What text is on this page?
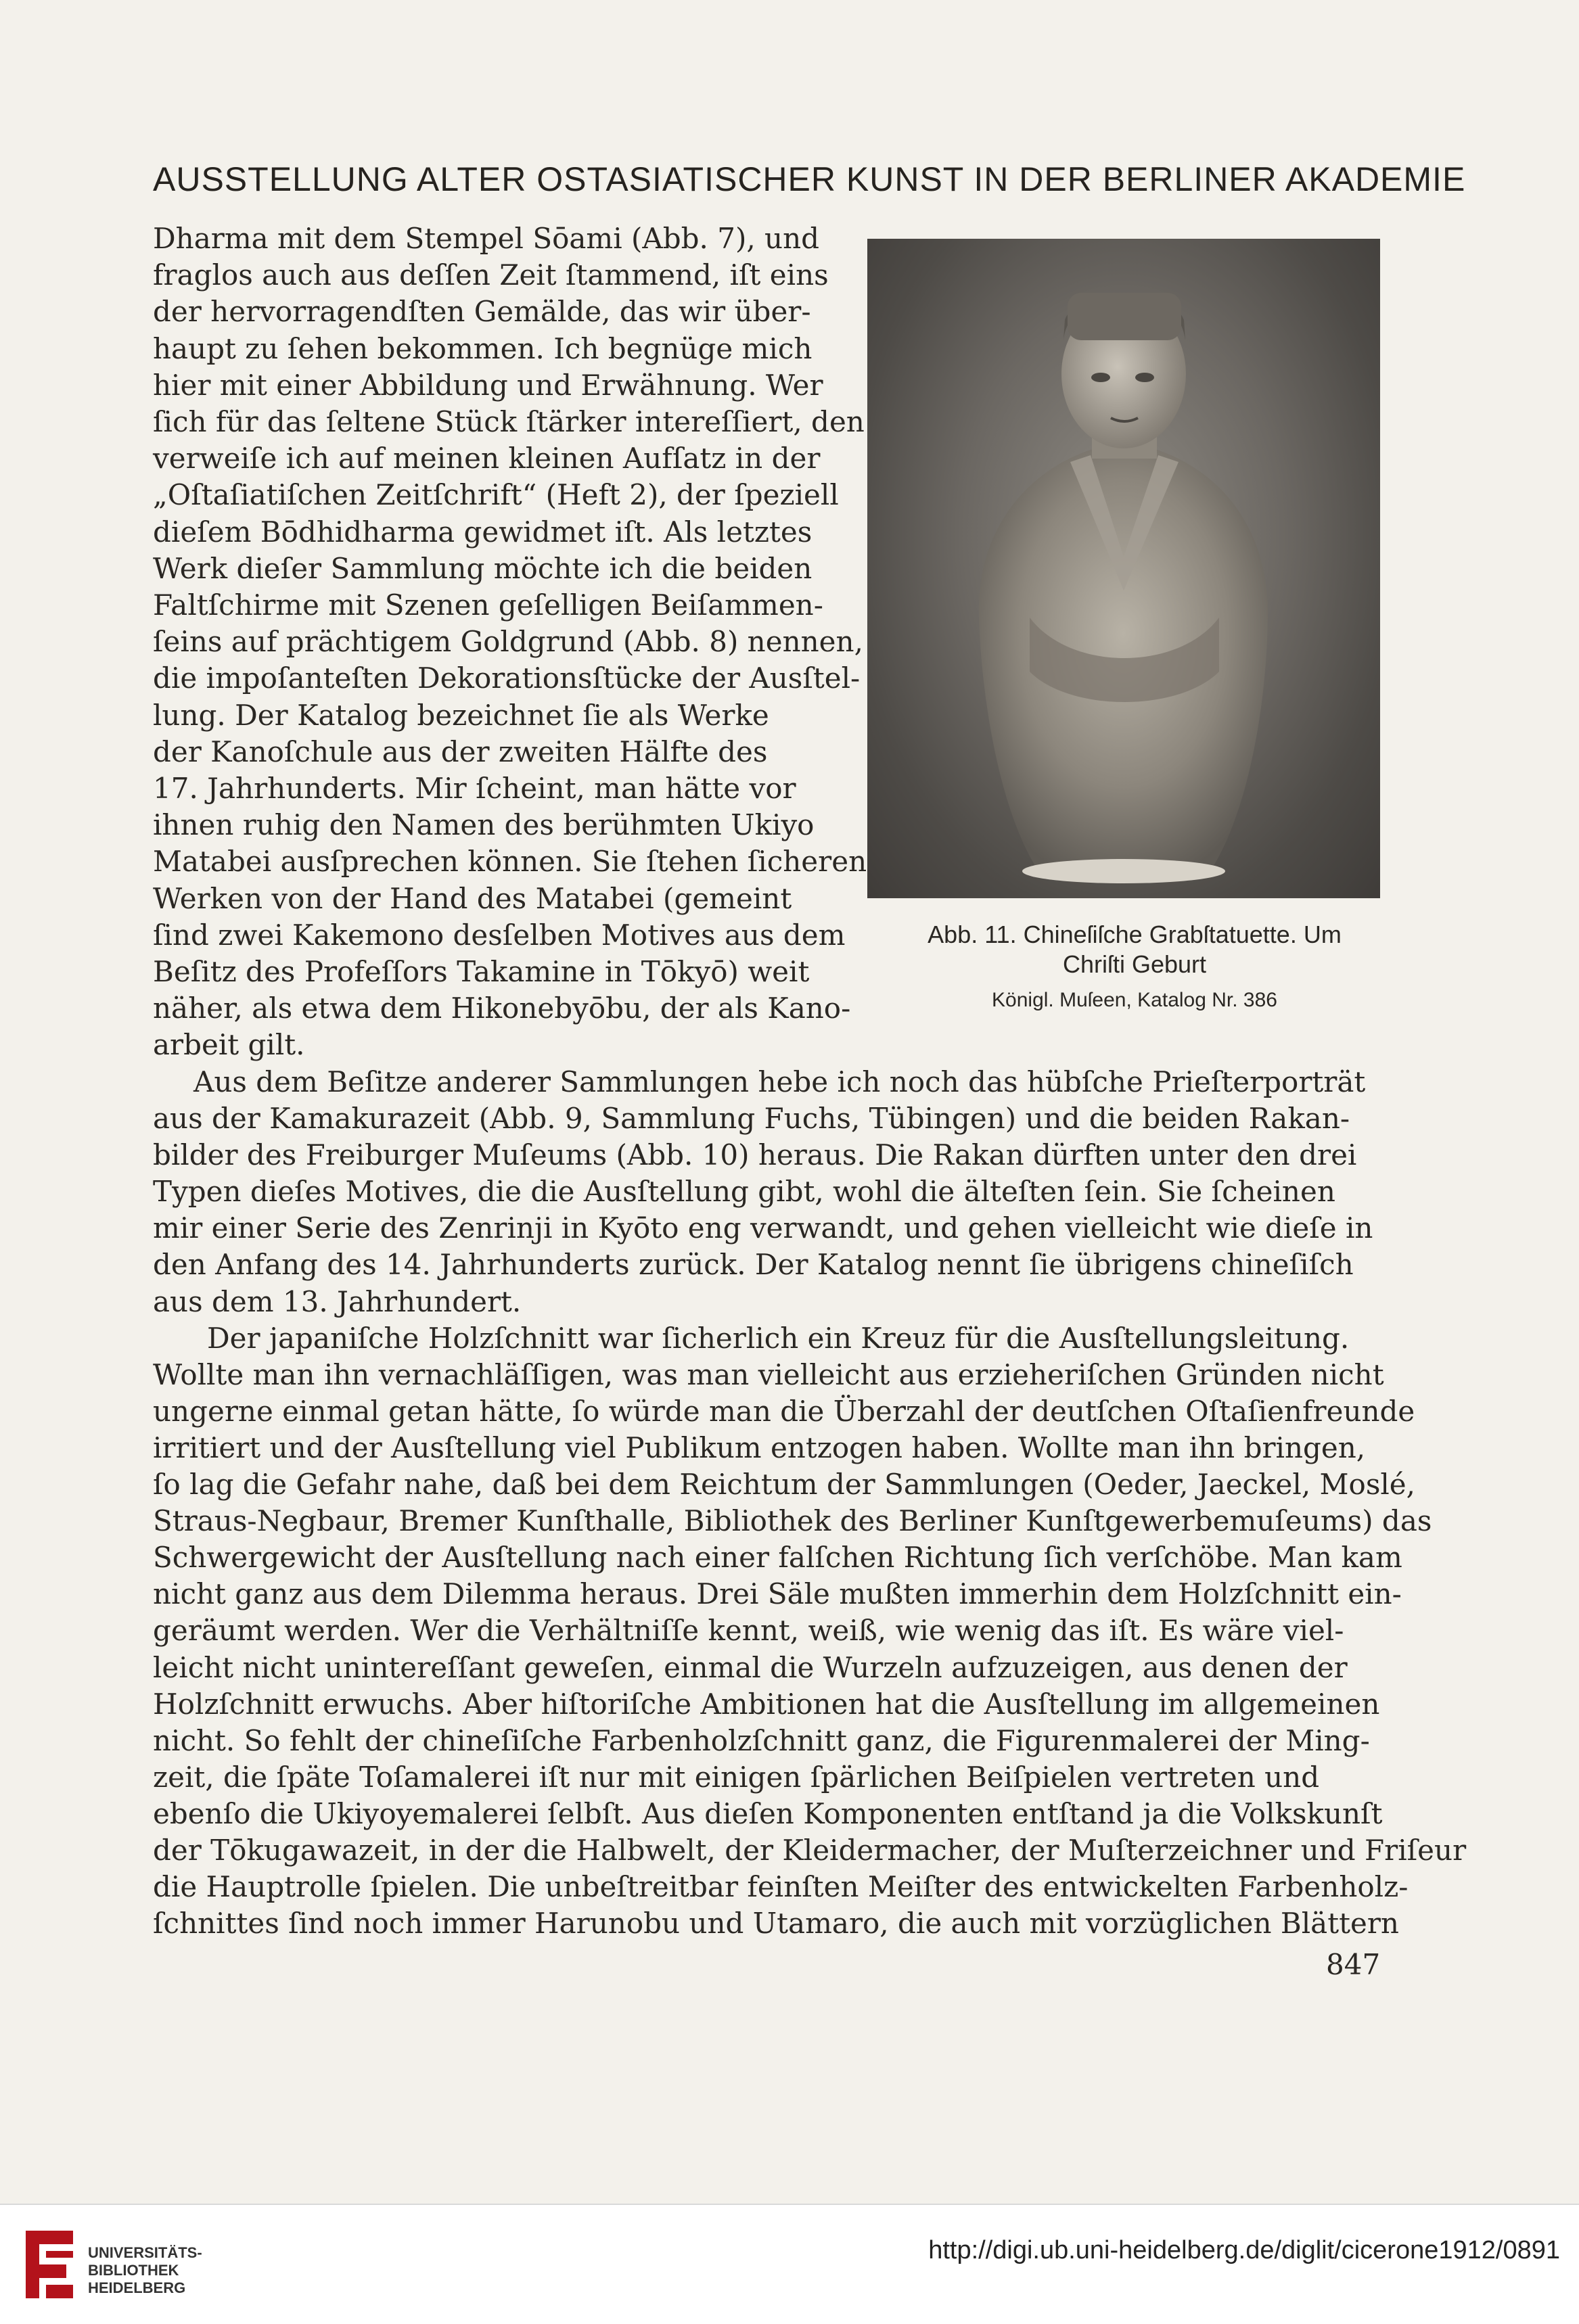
AUSSTELLUNG ALTER OSTASIATISCHER KUNST IN DER BERLINER AKADEMIE

Dharma mit dem Stempel Sōami (Abb. 7), und

fraglos auch aus deſſen Zeit ſtammend, iſt eins

der hervorragendſten Gemälde, das wir über-

haupt zu ſehen bekommen. Ich begnüge mich

hier mit einer Abbildung und Erwähnung. Wer

ſich für das ſeltene Stück ſtärker intereſſiert, den

verweiſe ich auf meinen kleinen Aufſatz in der

„Oſtaſiatiſchen Zeitſchrift“ (Heft 2), der ſpeziell

dieſem Bōdhidharma gewidmet iſt. Als letztes

Werk dieſer Sammlung möchte ich die beiden

Faltſchirme mit Szenen geſelligen Beiſammen-

ſeins auf prächtigem Goldgrund (Abb. 8) nennen,

die impoſanteſten Dekorationsſtücke der Ausſtel-

lung. Der Katalog bezeichnet ſie als Werke

der Kanoſchule aus der zweiten Hälfte des

17. Jahrhunderts. Mir ſcheint, man hätte vor

ihnen ruhig den Namen des berühmten Ukiyo

Matabei ausſprechen können. Sie ſtehen ſicheren

Werken von der Hand des Matabei (gemeint

ſind zwei Kakemono desſelben Motives aus dem

Beſitz des Profeſſors Takamine in Tōkyō) weit

näher, als etwa dem Hikonebyōbu, der als Kano-

arbeit gilt.

Abb. 11. Chineſiſche Grabſtatuette. Um
Chriſti Geburt
Königl. Muſeen, Katalog Nr. 386

Aus dem Beſitze anderer Sammlungen hebe ich noch das hübſche Prieſterporträt

aus der Kamakurazeit (Abb. 9, Sammlung Fuchs, Tübingen) und die beiden Rakan-

bilder des Freiburger Muſeums (Abb. 10) heraus. Die Rakan dürften unter den drei

Typen dieſes Motives, die die Ausſtellung gibt, wohl die älteſten ſein. Sie ſcheinen

mir einer Serie des Zenrinji in Kyōto eng verwandt, und gehen vielleicht wie dieſe in

den Anfang des 14. Jahrhunderts zurück. Der Katalog nennt ſie übrigens chineſiſch

aus dem 13. Jahrhundert.

Der japaniſche Holzſchnitt war ſicherlich ein Kreuz für die Ausſtellungsleitung.

Wollte man ihn vernachläſſigen, was man vielleicht aus erzieheriſchen Gründen nicht

ungerne einmal getan hätte, ſo würde man die Überzahl der deutſchen Oſtaſienfreunde

irritiert und der Ausſtellung viel Publikum entzogen haben. Wollte man ihn bringen,

ſo lag die Gefahr nahe, daß bei dem Reichtum der Sammlungen (Oeder, Jaeckel, Moslé,

Straus-Negbaur, Bremer Kunſthalle, Bibliothek des Berliner Kunſtgewerbemuſeums) das

Schwergewicht der Ausſtellung nach einer falſchen Richtung ſich verſchöbe. Man kam

nicht ganz aus dem Dilemma heraus. Drei Säle mußten immerhin dem Holzſchnitt ein-

geräumt werden. Wer die Verhältniſſe kennt, weiß, wie wenig das iſt. Es wäre viel-

leicht nicht unintereſſant geweſen, einmal die Wurzeln aufzuzeigen, aus denen der

Holzſchnitt erwuchs. Aber hiſtoriſche Ambitionen hat die Ausſtellung im allgemeinen

nicht. So fehlt der chineſiſche Farbenholzſchnitt ganz, die Figurenmalerei der Ming-

zeit, die ſpäte Toſamalerei iſt nur mit einigen ſpärlichen Beiſpielen vertreten und

ebenſo die Ukiyoyemalerei ſelbſt. Aus dieſen Komponenten entſtand ja die Volkskunſt

der Tōkugawazeit, in der die Halbwelt, der Kleidermacher, der Muſterzeichner und Friſeur

die Hauptrolle ſpielen. Die unbeſtreitbar feinſten Meiſter des entwickelten Farbenholz-

ſchnittes ſind noch immer Harunobu und Utamaro, die auch mit vorzüglichen Blättern

847
UNIVERSITÄTS-
BIBLIOTHEK
HEIDELBERG
http://digi.ub.uni-heidelberg.de/diglit/cicerone1912/0891
